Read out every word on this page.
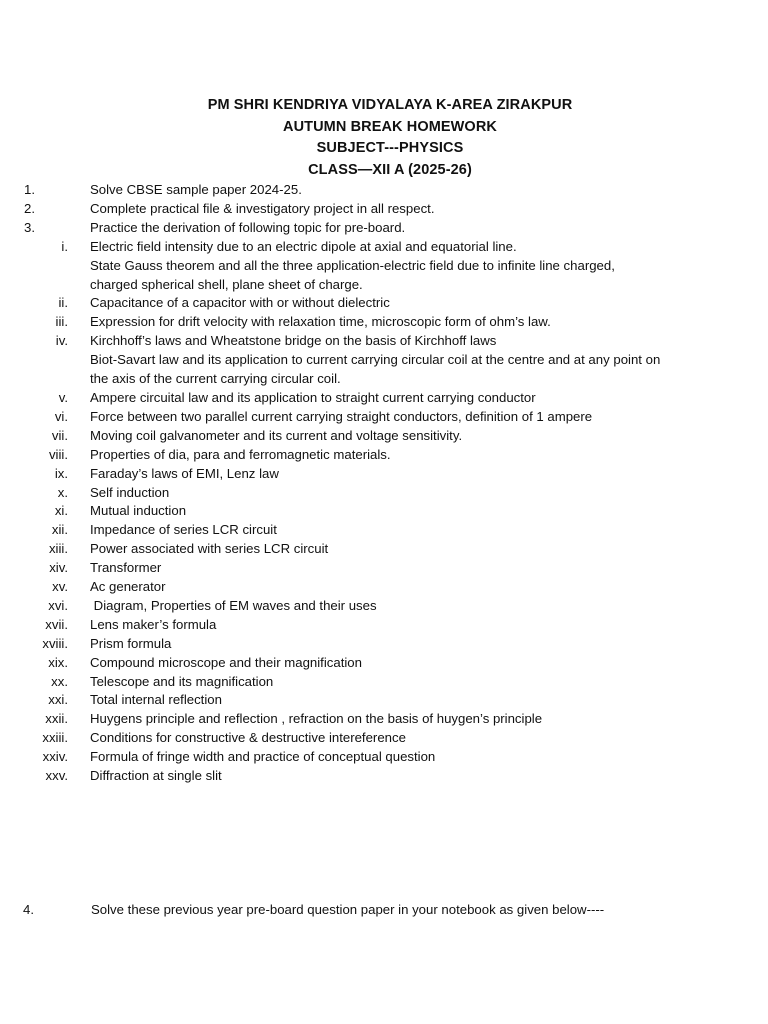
PM SHRI KENDRIYA VIDYALAYA K-AREA ZIRAKPUR
AUTUMN BREAK HOMEWORK
SUBJECT---PHYSICS
CLASS—XII A (2025-26)
1.	Solve CBSE sample paper 2024-25.
2.	Complete practical file & investigatory project in all respect.
3.	Practice the derivation of following topic for pre-board.
i. Electric field intensity due to an electric dipole at axial and equatorial line.
State Gauss theorem and all the three application-electric field due to infinite line charged,
charged spherical shell, plane sheet of charge.
ii. Capacitance of a capacitor with or without dielectric
iii. Expression for drift velocity with relaxation time, microscopic form of ohm’s law.
iv. Kirchhoff’s laws and Wheatstone bridge on the basis of Kirchhoff laws
Biot-Savart law and its application to current carrying circular coil at the centre and at any point on
the axis of the current carrying circular coil.
v. Ampere circuital law and its application to straight current carrying conductor
vi. Force between two parallel current carrying straight conductors, definition of 1 ampere
vii. Moving coil galvanometer and its current and voltage sensitivity.
viii. Properties of dia, para and ferromagnetic materials.
ix. Faraday’s laws of EMI, Lenz law
x. Self induction
xi. Mutual induction
xii. Impedance of series LCR circuit
xiii. Power associated with series LCR circuit
xiv. Transformer
xv. Ac generator
xvi. Diagram, Properties of EM waves and their uses
xvii. Lens maker’s formula
xviii. Prism formula
xix. Compound microscope and their magnification
xx. Telescope and its magnification
xxi. Total internal reflection
xxii. Huygens principle and reflection , refraction on the basis of huygen’s principle
xxiii. Conditions for constructive & destructive intereference
xxiv. Formula of fringe width and practice of conceptual question
xxv. Diffraction at single slit
4.	Solve these previous year pre-board question paper in your notebook as given below----
